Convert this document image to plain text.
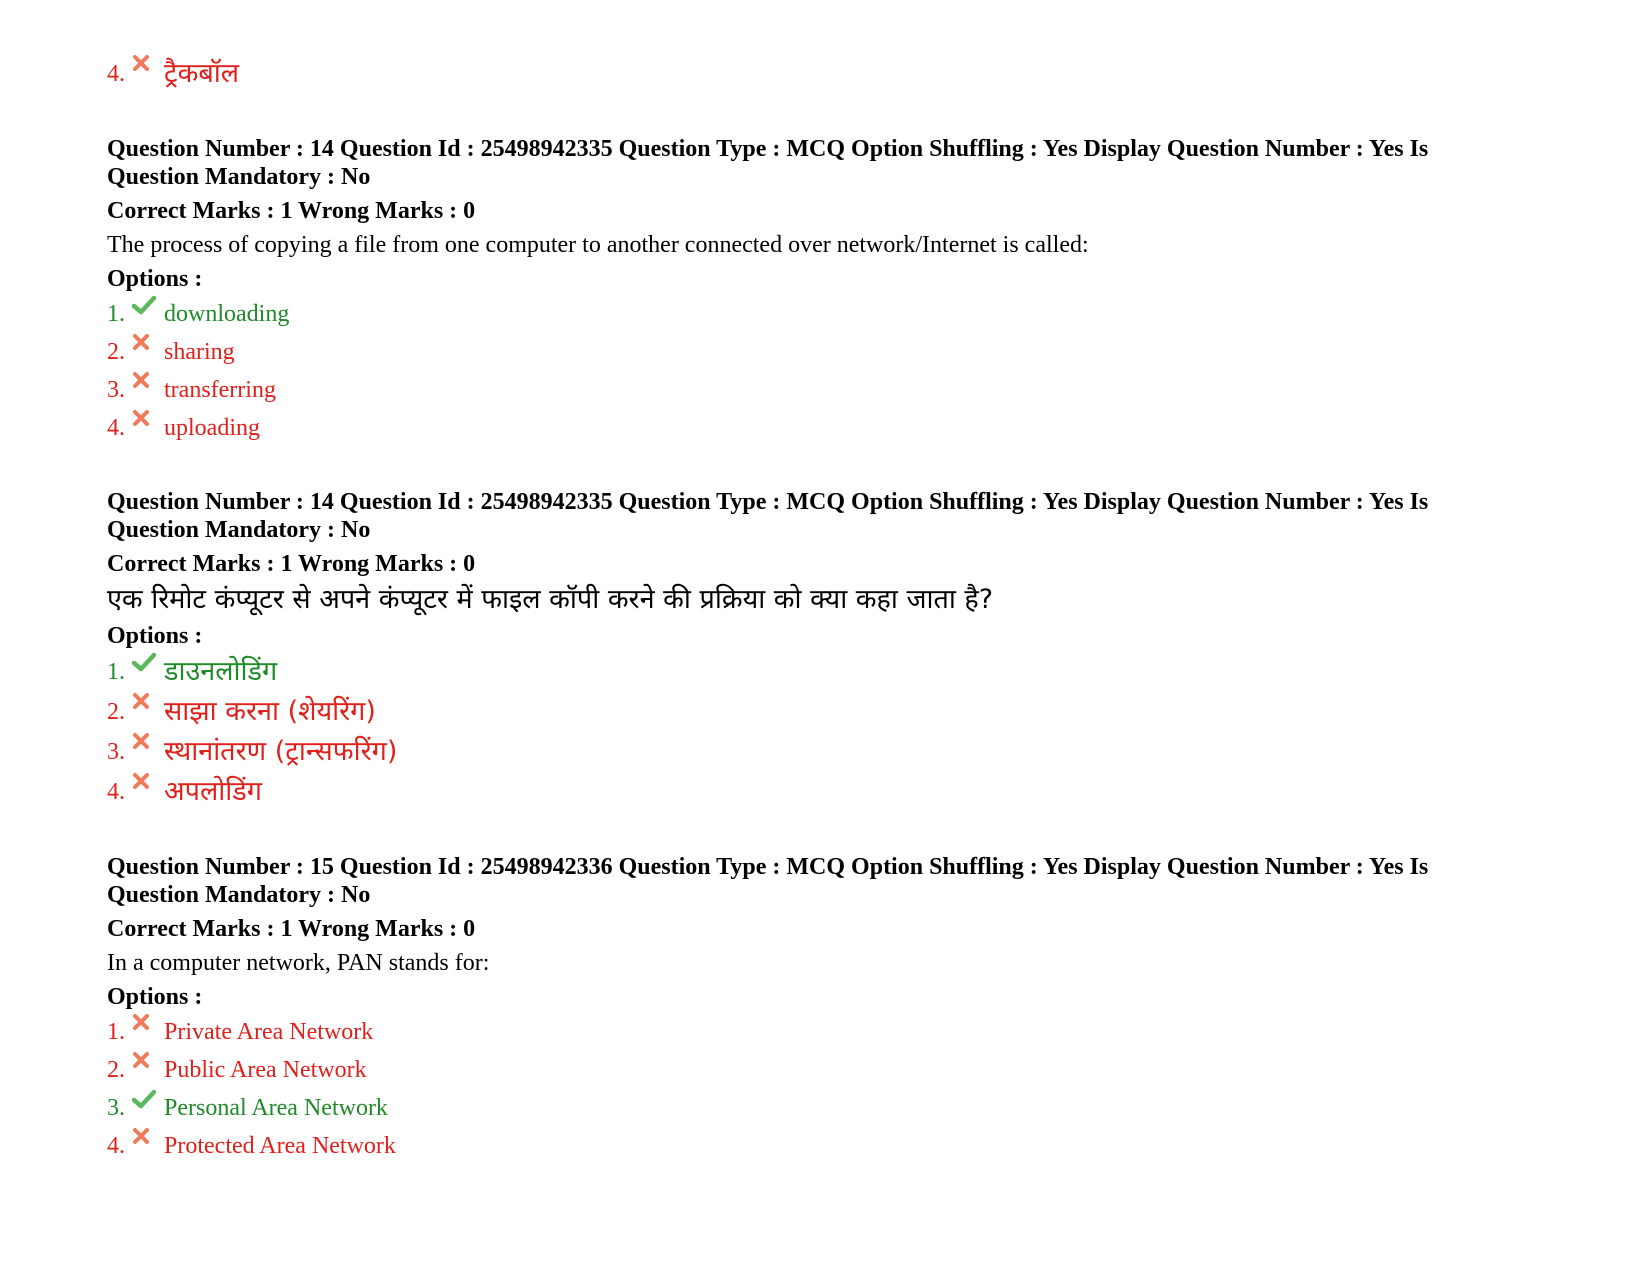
4. ट्रैकबॉल

Question Number : 14 Question Id : 25498942335 Question Type : MCQ Option Shuffling : Yes Display Question Number : Yes Is Question Mandatory : No

Correct Marks : 1 Wrong Marks : 0
The process of copying a file from one computer to another connected over network/Internet is called:
Options :
1. downloading
2. sharing
3. transferring
4. uploading

Question Number : 14 Question Id : 25498942335 Question Type : MCQ Option Shuffling : Yes Display Question Number : Yes Is Question Mandatory : No

Correct Marks : 1 Wrong Marks : 0
एक रिमोट कंप्यूटर से अपने कंप्यूटर में फाइल कॉपी करने की प्रक्रिया को क्या कहा जाता है?
Options :
1. डाउनलोडिंग
2. साझा करना (शेयरिंग)
3. स्थानांतरण (ट्रान्सफरिंग)
4. अपलोडिंग

Question Number : 15 Question Id : 25498942336 Question Type : MCQ Option Shuffling : Yes Display Question Number : Yes Is Question Mandatory : No

Correct Marks : 1 Wrong Marks : 0
In a computer network, PAN stands for:
Options :
1. Private Area Network
2. Public Area Network
3. Personal Area Network
4. Protected Area Network
